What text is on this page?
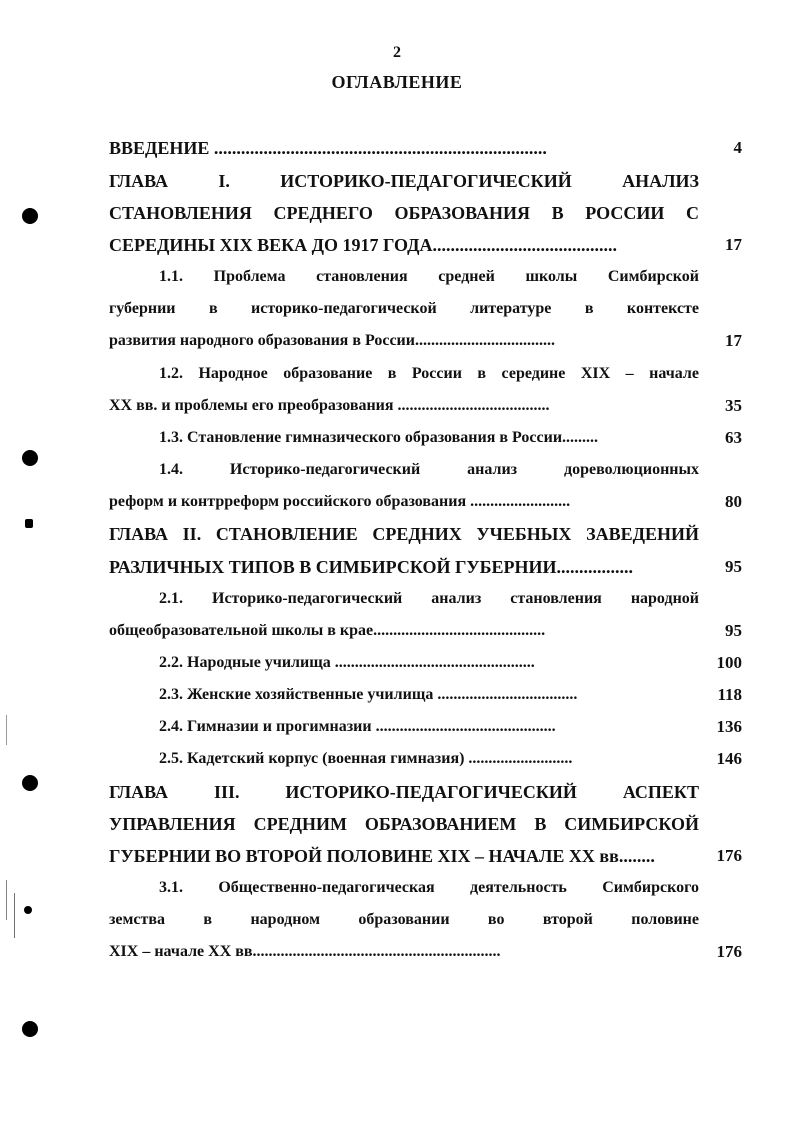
2
ОГЛАВЛЕНИЕ
ВВЕДЕНИЕ ..........................................................................	4
ГЛАВА I. ИСТОРИКО-ПЕДАГОГИЧЕСКИЙ АНАЛИЗ
СТАНОВЛЕНИЯ СРЕДНЕГО ОБРАЗОВАНИЯ В РОССИИ С
СЕРЕДИНЫ XIX ВЕКА ДО 1917 ГОДА.........................................	17
1.1. Проблема становления средней школы Симбирской
губернии в историко-педагогической литературе в контексте
развития народного образования в России...................................	17
1.2. Народное образование в России в середине XIX – начале
XX вв. и проблемы его преобразования ......................................	35
1.3. Становление гимназического образования в России.........	63
1.4. Историко-педагогический анализ дореволюционных
реформ и контрреформ российского образования .........................	80
ГЛАВА II. СТАНОВЛЕНИЕ СРЕДНИХ УЧЕБНЫХ ЗАВЕДЕНИЙ
РАЗЛИЧНЫХ ТИПОВ В СИМБИРСКОЙ ГУБЕРНИИ.................	95
2.1. Историко-педагогический анализ становления народной
общеобразовательной школы в крае...........................................	95
2.2. Народные училища ..................................................	100
2.3. Женские хозяйственные училища ...................................	118
2.4. Гимназии и прогимназии .............................................	136
2.5. Кадетский корпус (военная гимназия) ..........................	146
ГЛАВА III. ИСТОРИКО-ПЕДАГОГИЧЕСКИЙ АСПЕКТ
УПРАВЛЕНИЯ СРЕДНИМ ОБРАЗОВАНИЕМ В СИМБИРСКОЙ
ГУБЕРНИИ ВО ВТОРОЙ ПОЛОВИНЕ XIX – НАЧАЛЕ XX вв........	176
3.1. Общественно-педагогическая деятельность Симбирского
земства в народном образовании во второй половине
XIX – начале XX вв..............................................................	176
